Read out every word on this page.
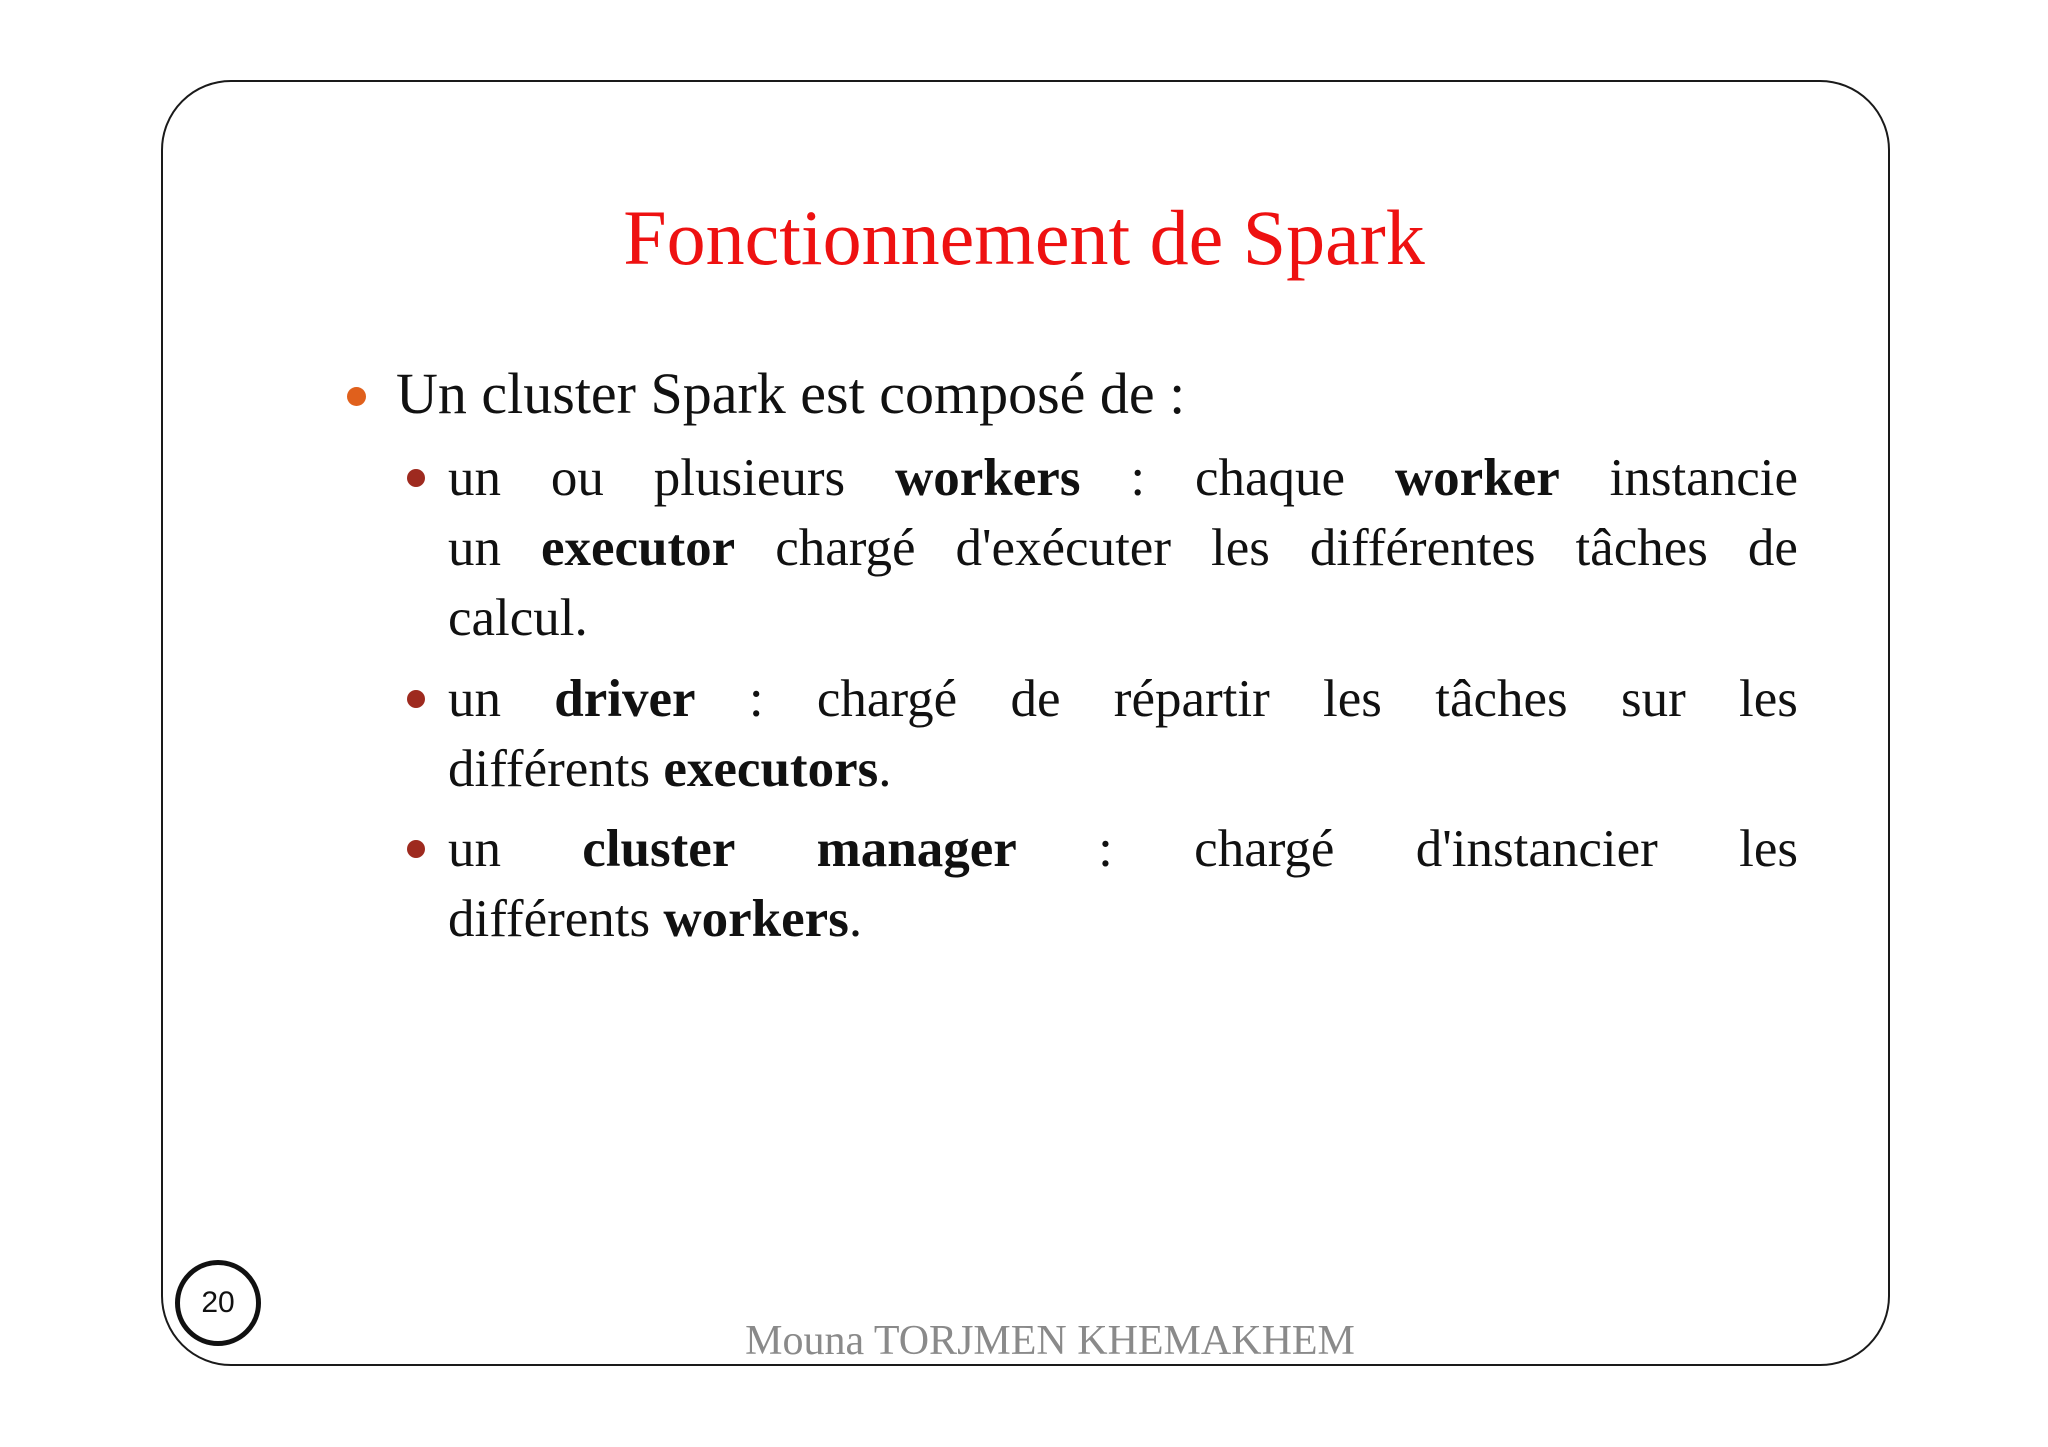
Fonctionnement de Spark
Un cluster Spark est composé de :
un ou plusieurs workers : chaque worker instancie
un executor chargé d'exécuter les différentes tâches de
calcul.
un driver : chargé de répartir les tâches sur les
différents executors.
un cluster manager : chargé d'instancier les
différents workers.
20
Mouna TORJMEN KHEMAKHEM
